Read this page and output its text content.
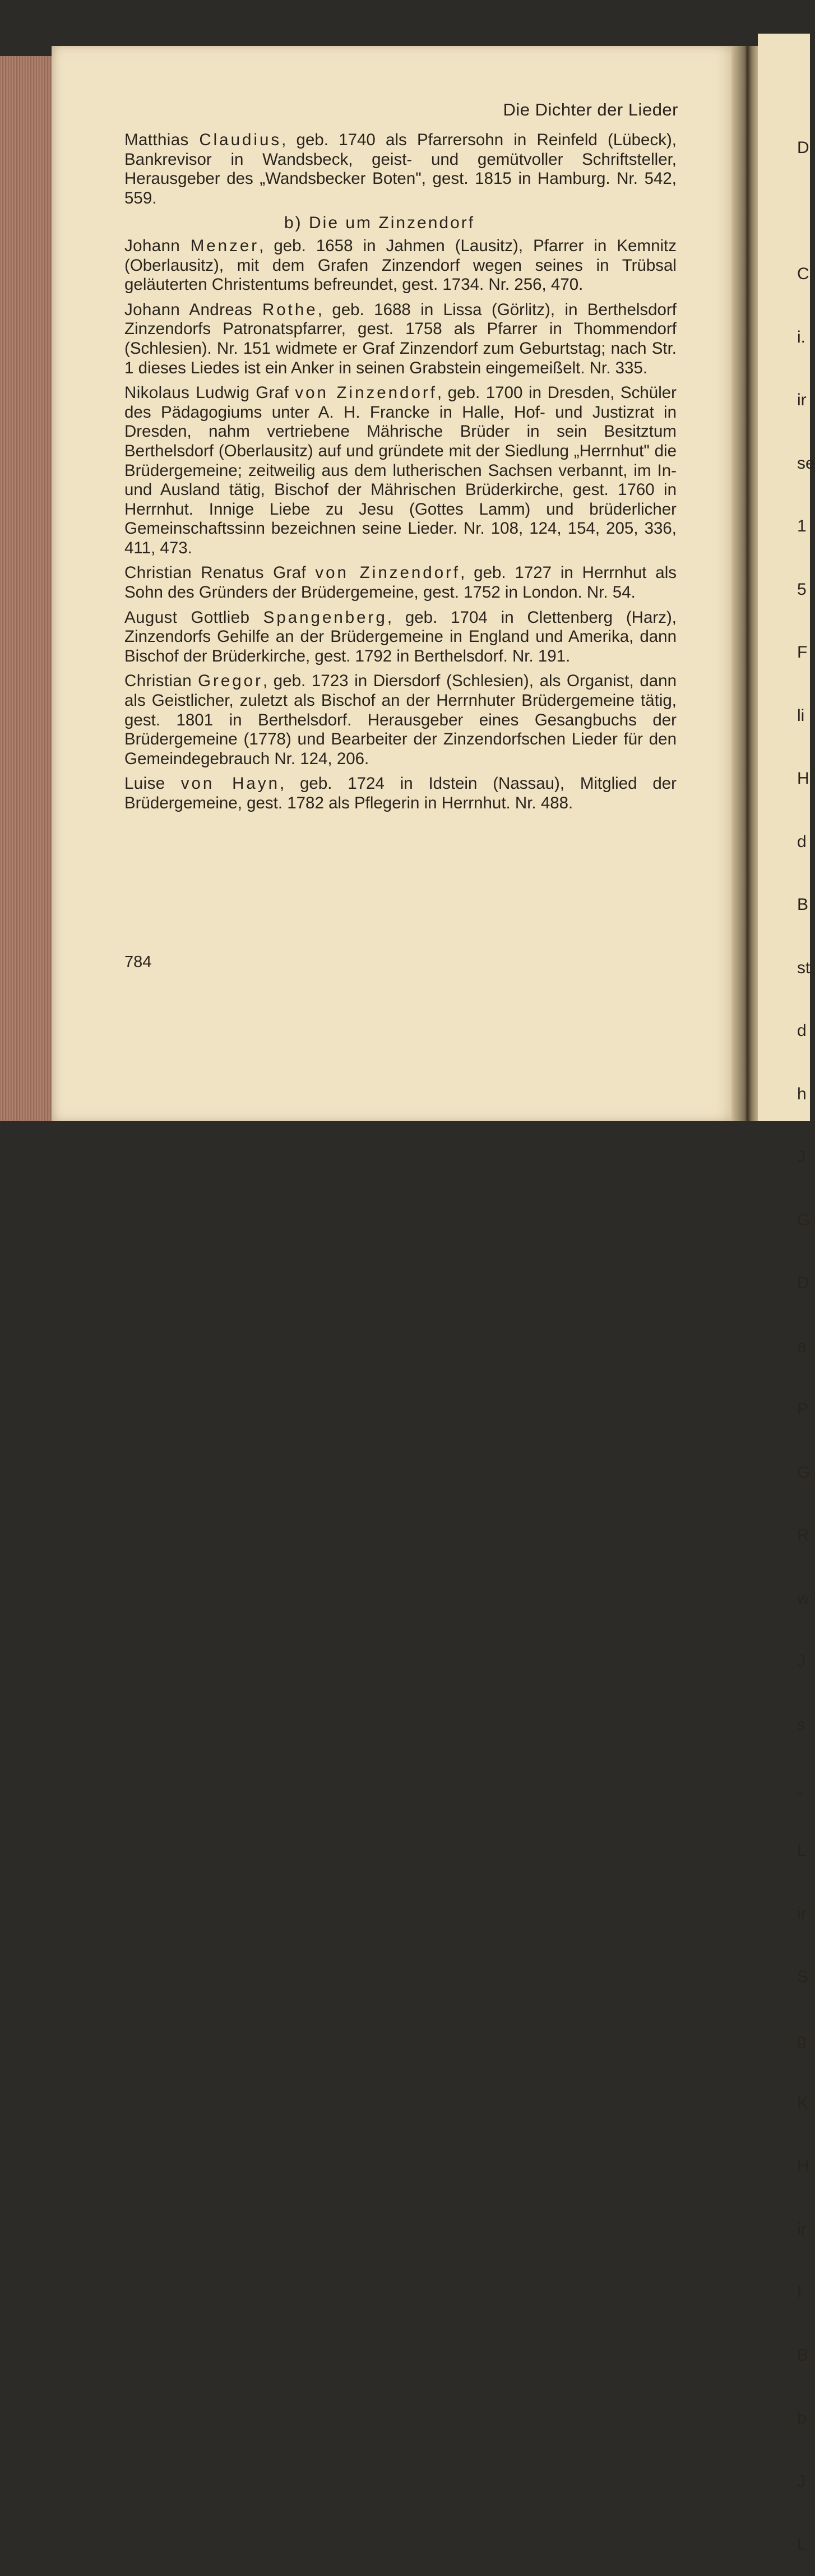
D

C

i.

ir

se

1

5

F

li

H

d

B

st

d

h

J

G

D

a

P

G

R

w

J

s

„

L

ir

S

g

K

H

ir

I

B

b

J

L

Die Dichter der Lieder

Matthias Claudius, geb. 1740 als Pfarrersohn in Reinfeld (Lübeck), Bankrevisor in Wandsbeck, geist- und gemütvoller Schriftsteller, Herausgeber des „Wandsbecker Boten", gest. 1815 in Hamburg. Nr. 542, 559.

b) Die um Zinzendorf

Johann Menzer, geb. 1658 in Jahmen (Lausitz), Pfarrer in Kemnitz (Oberlausitz), mit dem Grafen Zinzendorf wegen seines in Trübsal geläuterten Christentums befreundet, gest. 1734. Nr. 256, 470.

Johann Andreas Rothe, geb. 1688 in Lissa (Görlitz), in Berthelsdorf Zinzendorfs Patronatspfarrer, gest. 1758 als Pfarrer in Thommendorf (Schlesien). Nr. 151 widmete er Graf Zinzendorf zum Geburtstag; nach Str. 1 dieses Liedes ist ein Anker in seinen Grabstein eingemeißelt. Nr. 335.

Nikolaus Ludwig Graf von Zinzendorf, geb. 1700 in Dresden, Schüler des Pädagogiums unter A. H. Francke in Halle, Hof- und Justizrat in Dresden, nahm vertriebene Mährische Brüder in sein Besitztum Berthelsdorf (Oberlausitz) auf und gründete mit der Siedlung „Herrnhut" die Brüdergemeine; zeitweilig aus dem lutherischen Sachsen verbannt, im In- und Ausland tätig, Bischof der Mährischen Brüderkirche, gest. 1760 in Herrnhut. Innige Liebe zu Jesu (Gottes Lamm) und brüderlicher Gemeinschaftssinn bezeichnen seine Lieder. Nr. 108, 124, 154, 205, 336, 411, 473.

Christian Renatus Graf von Zinzendorf, geb. 1727 in Herrnhut als Sohn des Gründers der Brüdergemeine, gest. 1752 in London. Nr. 54.

August Gottlieb Spangenberg, geb. 1704 in Clettenberg (Harz), Zinzendorfs Gehilfe an der Brüdergemeine in England und Amerika, dann Bischof der Brüderkirche, gest. 1792 in Berthelsdorf. Nr. 191.

Christian Gregor, geb. 1723 in Diersdorf (Schlesien), als Organist, dann als Geistlicher, zuletzt als Bischof an der Herrnhuter Brüdergemeine tätig, gest. 1801 in Berthelsdorf. Herausgeber eines Gesangbuchs der Brüdergemeine (1778) und Bearbeiter der Zinzendorfschen Lieder für den Gemeindegebrauch Nr. 124, 206.

Luise von Hayn, geb. 1724 in Idstein (Nassau), Mitglied der Brüdergemeine, gest. 1782 als Pflegerin in Herrnhut. Nr. 488.

784
